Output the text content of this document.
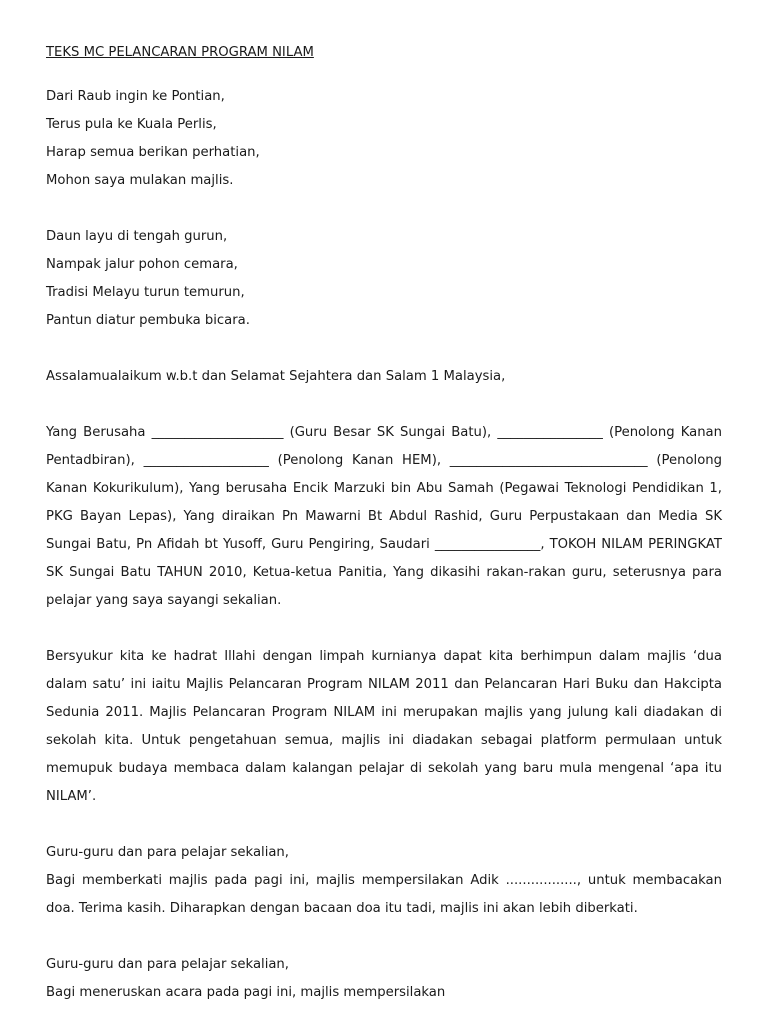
TEKS MC PELANCARAN PROGRAM NILAM

Dari Raub ingin ke Pontian,

Terus pula ke Kuala Perlis,

Harap semua berikan perhatian,

Mohon saya mulakan majlis.

Daun layu di tengah gurun,

Nampak jalur pohon cemara,

Tradisi Melayu turun temurun,

Pantun diatur pembuka bicara.

Assalamualaikum w.b.t dan Selamat Sejahtera dan Salam 1 Malaysia,

Yang Berusaha ____________________ (Guru Besar SK Sungai Batu), ________________ (Penolong Kanan Pentadbiran), ___________________ (Penolong Kanan HEM), ______________________________ (Penolong Kanan Kokurikulum), Yang berusaha Encik Marzuki bin Abu Samah (Pegawai Teknologi Pendidikan 1, PKG Bayan Lepas), Yang diraikan Pn Mawarni Bt Abdul Rashid, Guru Perpustakaan dan Media SK Sungai Batu, Pn Afidah bt Yusoff, Guru Pengiring, Saudari ________________, TOKOH NILAM PERINGKAT SK Sungai Batu TAHUN 2010, Ketua-ketua Panitia, Yang dikasihi rakan-rakan guru, seterusnya para pelajar yang saya sayangi sekalian.

Bersyukur kita ke hadrat Illahi dengan limpah kurnianya dapat kita berhimpun dalam majlis ‘dua dalam satu’ ini iaitu Majlis Pelancaran Program NILAM 2011 dan Pelancaran Hari Buku dan Hakcipta Sedunia 2011. Majlis Pelancaran Program NILAM ini merupakan majlis yang julung kali diadakan di sekolah kita. Untuk pengetahuan semua, majlis ini diadakan sebagai platform permulaan untuk memupuk budaya membaca dalam kalangan pelajar di sekolah yang baru mula mengenal ‘apa itu NILAM’.

Guru-guru dan para pelajar sekalian,

Bagi memberkati majlis pada pagi ini, majlis mempersilakan Adik ................., untuk membacakan doa. Terima kasih. Diharapkan dengan bacaan doa itu tadi, majlis ini akan lebih diberkati.

Guru-guru dan para pelajar sekalian,

Bagi meneruskan acara pada pagi ini, majlis mempersilakan
